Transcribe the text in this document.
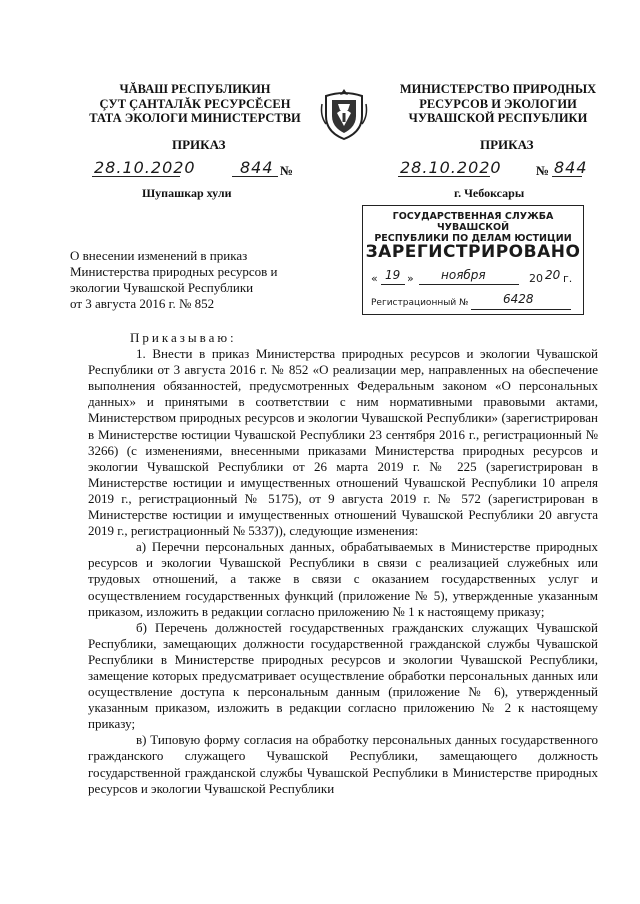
ЧĂВАШ РЕСПУБЛИКИН
ÇУТ ÇАНТАЛĂК РЕСУРСĔСЕН
ТАТА ЭКОЛОГИ МИНИСТЕРСТВИ
МИНИСТЕРСТВО ПРИРОДНЫХ
РЕСУРСОВ И ЭКОЛОГИИ
ЧУВАШСКОЙ РЕСПУБЛИКИ
ПРИКАЗ	ПРИКАЗ
28.10.2020	844 №	28.10.2020	№ 844
Шупашкар хули	г. Чебоксары
ГОСУДАРСТВЕННАЯ СЛУЖБА ЧУВАШСКОЙ
РЕСПУБЛИКИ ПО ДЕЛАМ ЮСТИЦИИ
ЗАРЕГИСТРИРОВАНО
« 19 » ноября	20 20 г.
Регистрационный №	6428
О внесении изменений в приказ
Министерства природных ресурсов и
экологии Чувашской Республики
от 3 августа 2016 г. № 852

Приказываю:

1. Внести в приказ Министерства природных ресурсов и экологии Чувашской Республики от 3 августа 2016 г. № 852 «О реализации мер, направленных на обеспечение выполнения обязанностей, предусмотренных Федеральным законом «О персональных данных» и принятыми в соответствии с ним нормативными правовыми актами, Министерством природных ресурсов и экологии Чувашской Республики» (зарегистрирован в Министерстве юстиции Чувашской Республики 23 сентября 2016 г., регистрационный № 3266) (с изменениями, внесенными приказами Министерства природных ресурсов и экологии Чувашской Республики от 26 марта 2019 г. № 225 (зарегистрирован в Министерстве юстиции и имущественных отношений Чувашской Республики 10 апреля 2019 г., регистрационный № 5175), от 9 августа 2019 г. № 572 (зарегистрирован в Министерстве юстиции и имущественных отношений Чувашской Республики 20 августа 2019 г., регистрационный № 5337)), следующие изменения:

а) Перечни персональных данных, обрабатываемых в Министерстве природных ресурсов и экологии Чувашской Республики в связи с реализацией служебных или трудовых отношений, а также в связи с оказанием государственных услуг и осуществлением государственных функций (приложение № 5), утвержденные указанным приказом, изложить в редакции согласно приложению № 1 к настоящему приказу;

б) Перечень должностей государственных гражданских служащих Чувашской Республики, замещающих должности государственной гражданской службы Чувашской Республики в Министерстве природных ресурсов и экологии Чувашской Республики, замещение которых предусматривает осуществление обработки персональных данных или осуществление доступа к персональным данным (приложение № 6), утвержденный указанным приказом, изложить в редакции согласно приложению № 2 к настоящему приказу;

в) Типовую форму согласия на обработку персональных данных государственного гражданского служащего Чувашской Республики, замещающего должность государственной гражданской службы Чувашской Республики в Министерстве природных ресурсов и экологии Чувашской Республики
